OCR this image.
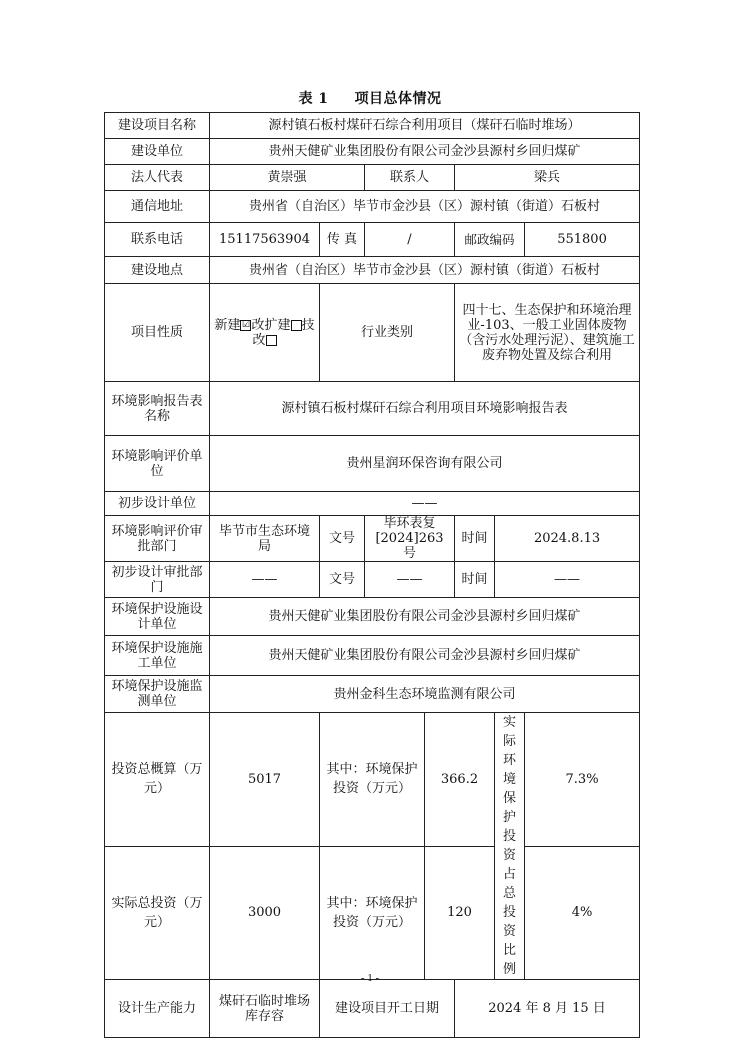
表 1 项目总体情况
建设项目名称	源村镇石板村煤矸石综合利用项目（煤矸石临时堆场）						
建设单位	贵州天健矿业集团股份有限公司金沙县源村乡回归煤矿						
法人代表	黄崇强		联系人		梁兵		
通信地址	贵州省（自治区）毕节市金沙县（区）源村镇（街道）石板村						
联系电话	15117563904	传 真	/		邮政编码		551800
建设地点	贵州省（自治区）毕节市金沙县（区）源村镇（街道）石板村						
项目性质	新建☑改扩建 技改	行业类别			四十七、生态保护和环境治理业-103、一般工业固体废物（含污水处理污泥）、建筑施工废弃物处置及综合利用		
环境影响报告表名称	源村镇石板村煤矸石综合利用项目环境影响报告表						
环境影响评价单位	贵州星润环保咨询有限公司						
初步设计单位	——						
环境影响评价审批部门	毕节市生态环境局	文号	毕环表复[2024]263 号		时间	2024.8.13	
初步设计审批部门	——	文号	——		时间	——	
环境保护设施设计单位	贵州天健矿业集团股份有限公司金沙县源村乡回归煤矿						
环境保护设施施工单位	贵州天健矿业集团股份有限公司金沙县源村乡回归煤矿						
环境保护设施监测单位	贵州金科生态环境监测有限公司						
投资总概算（万元）	5017	其中：环境保护投资（万元）		366.2		实际环境保护投资占总投资比例	7.3%
实际总投资（万元）	3000	其中：环境保护投资（万元）		120			4%
设计生产能力	煤矸石临时堆场库存容	建设项目开工日期			2024 年 8 月 15 日		
- 1 -
